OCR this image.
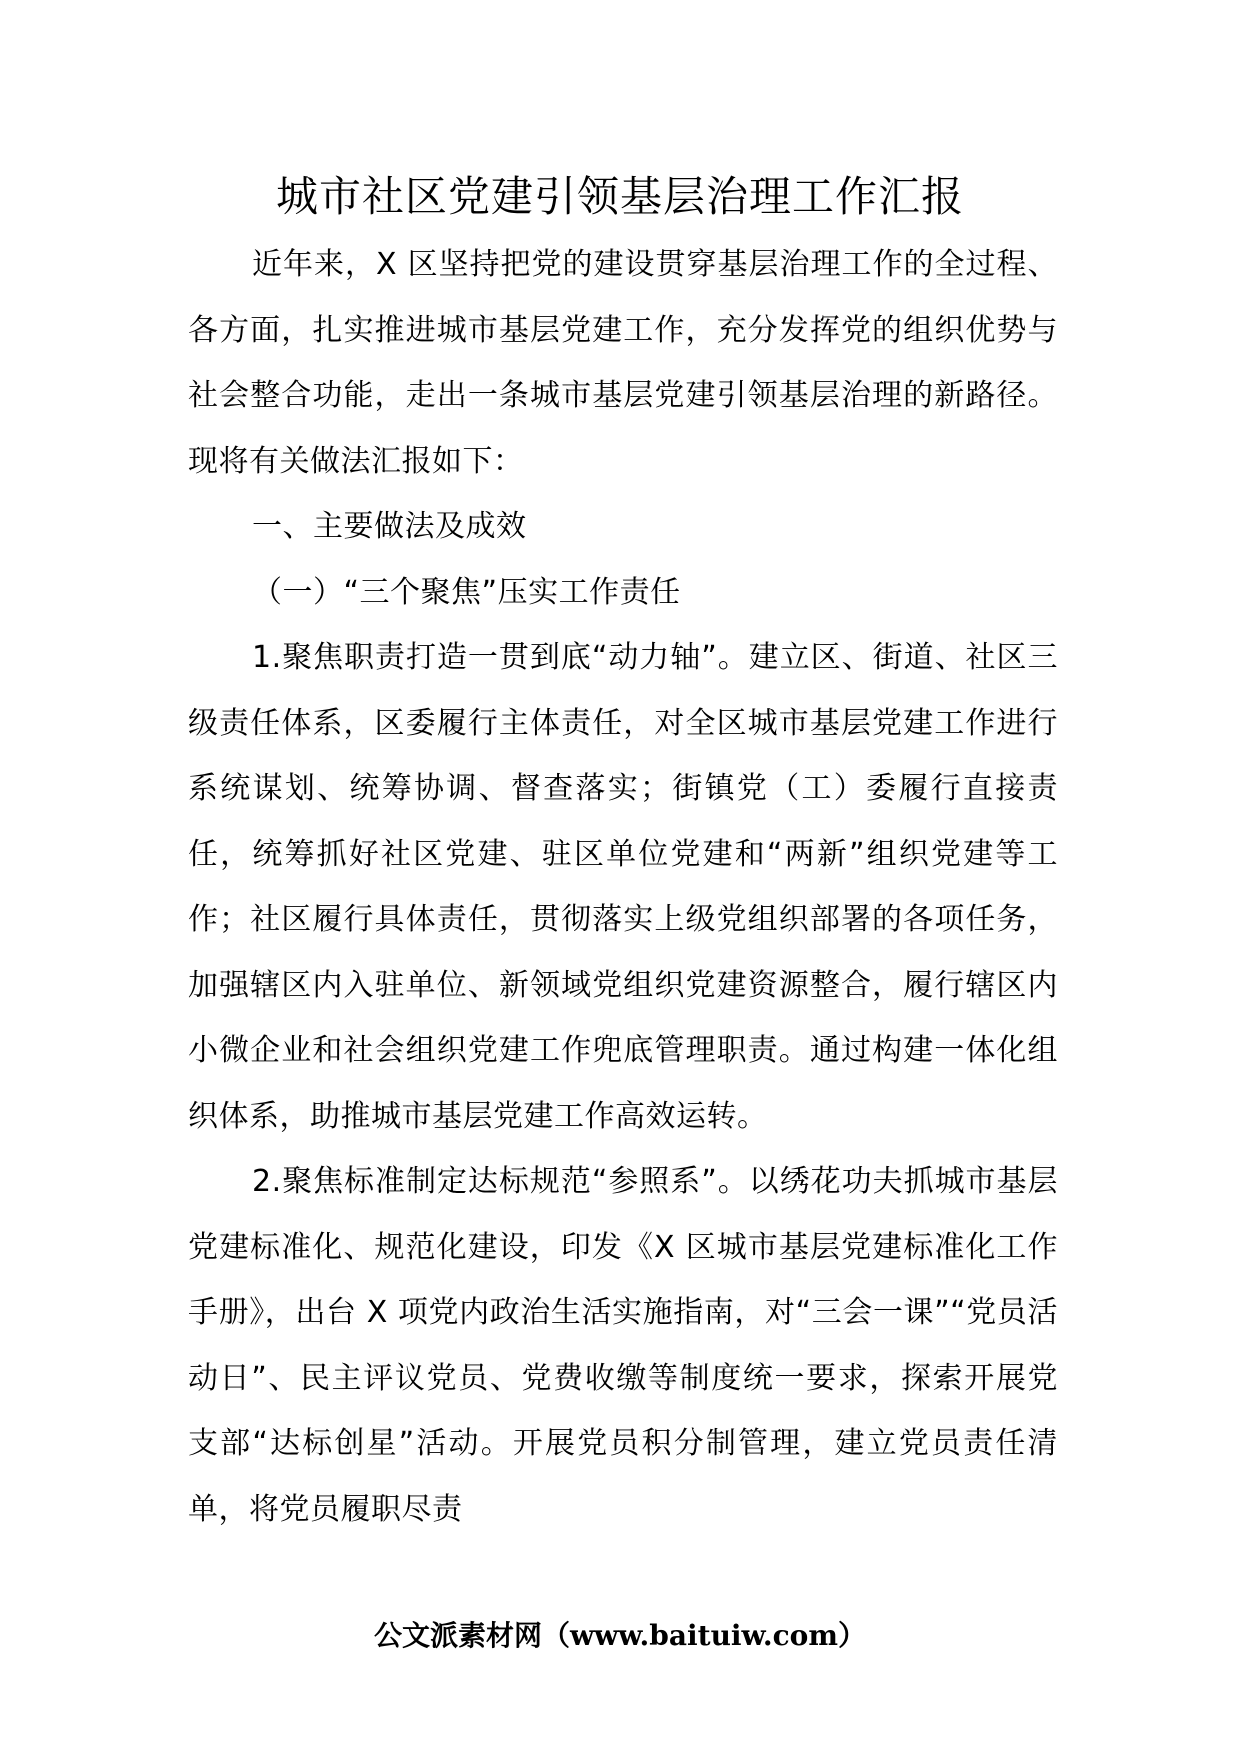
城市社区党建引领基层治理工作汇报

近年来，X 区坚持把党的建设贯穿基层治理工作的全过程、各方面，扎实推进城市基层党建工作，充分发挥党的组织优势与社会整合功能，走出一条城市基层党建引领基层治理的新路径。现将有关做法汇报如下：

一、主要做法及成效

（一）“三个聚焦”压实工作责任

1.聚焦职责打造一贯到底“动力轴”。建立区、街道、社区三级责任体系，区委履行主体责任，对全区城市基层党建工作进行系统谋划、统筹协调、督查落实；街镇党（工）委履行直接责任，统筹抓好社区党建、驻区单位党建和“两新”组织党建等工作；社区履行具体责任，贯彻落实上级党组织部署的各项任务，加强辖区内入驻单位、新领域党组织党建资源整合，履行辖区内小微企业和社会组织党建工作兜底管理职责。通过构建一体化组织体系，助推城市基层党建工作高效运转。

2.聚焦标准制定达标规范“参照系”。以绣花功夫抓城市基层党建标准化、规范化建设，印发《X 区城市基层党建标准化工作手册》，出台 X 项党内政治生活实施指南，对“三会一课”“党员活动日”、民主评议党员、党费收缴等制度统一要求，探索开展党支部“达标创星”活动。开展党员积分制管理，建立党员责任清单，将党员履职尽责

公文派素材网（www.baituiw.com）
